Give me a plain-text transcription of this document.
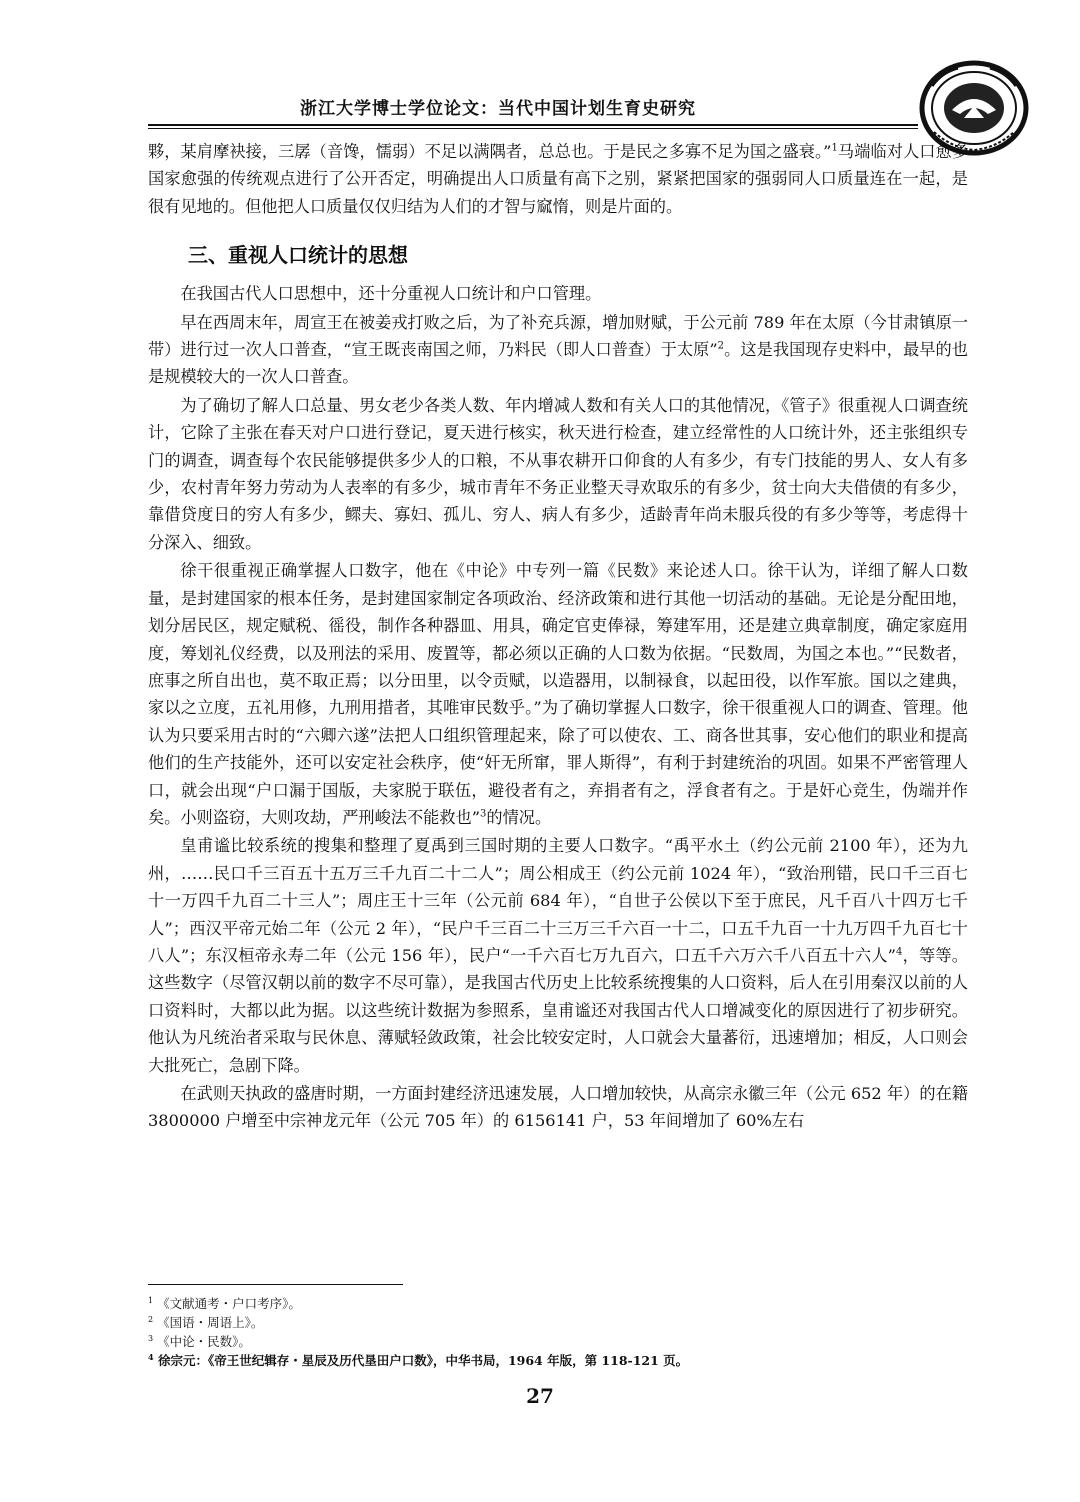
浙江大学博士学位论文：当代中国计划生育史研究

夥，某肩摩袂接，三孱（音馋，懦弱）不足以满隅者，总总也。于是民之多寡不足为国之盛衰。”$^1$马端临对人口愈多国家愈强的传统观点进行了公开否定，明确提出人口质量有高下之别，紧紧把国家的强弱同人口质量连在一起，是很有见地的。但他把人口质量仅仅归结为人们的才智与窳惰，则是片面的。

三、重视人口统计的思想

在我国古代人口思想中，还十分重视人口统计和户口管理。

早在西周末年，周宣王在被姜戎打败之后，为了补充兵源，增加财赋，于公元前 789 年在太原（今甘肃镇原一带）进行过一次人口普查，“宣王既丧南国之师，乃料民（即人口普查）于太原”$^2$。这是我国现存史料中，最早的也是规模较大的一次人口普查。

为了确切了解人口总量、男女老少各类人数、年内增减人数和有关人口的其他情况，《管子》很重视人口调查统计，它除了主张在春天对户口进行登记，夏天进行核实，秋天进行检查，建立经常性的人口统计外，还主张组织专门的调查，调查每个农民能够提供多少人的口粮，不从事农耕开口仰食的人有多少，有专门技能的男人、女人有多少，农村青年努力劳动为人表率的有多少，城市青年不务正业整天寻欢取乐的有多少，贫士向大夫借债的有多少，靠借贷度日的穷人有多少，鳏夫、寡妇、孤儿、穷人、病人有多少，适龄青年尚未服兵役的有多少等等，考虑得十分深入、细致。

徐干很重视正确掌握人口数字，他在《中论》中专列一篇《民数》来论述人口。徐干认为，详细了解人口数量，是封建国家的根本任务，是封建国家制定各项政治、经济政策和进行其他一切活动的基础。无论是分配田地，划分居民区，规定赋税、徭役，制作各种器皿、用具，确定官吏俸禄，筹建军用，还是建立典章制度，确定家庭用度，筹划礼仪经费，以及刑法的采用、废置等，都必须以正确的人口数为依据。“民数周，为国之本也。”“民数者，庶事之所自出也，莫不取正焉；以分田里，以令贡赋，以造器用，以制禄食，以起田役，以作军旅。国以之建典，家以之立度，五礼用修，九刑用措者，其唯审民数乎。”为了确切掌握人口数字，徐干很重视人口的调查、管理。他认为只要采用古时的“六卿六遂”法把人口组织管理起来，除了可以使农、工、商各世其事，安心他们的职业和提高他们的生产技能外，还可以安定社会秩序，使“奸无所窜，罪人斯得”，有利于封建统治的巩固。如果不严密管理人口，就会出现“户口漏于国版，夫家脱于联伍，避役者有之，弃捐者有之，浮食者有之。于是奸心竞生，伪端并作矣。小则盗窃，大则攻劫，严刑峻法不能救也”$^3$的情况。

皇甫谧比较系统的搜集和整理了夏禹到三国时期的主要人口数字。“禹平水土（约公元前 2100 年），还为九州，……民口千三百五十五万三千九百二十二人”；周公相成王（约公元前 1024 年），“致治刑错，民口千三百七十一万四千九百二十三人”；周庄王十三年（公元前 684 年），“自世子公侯以下至于庶民，凡千百八十四万七千人”；西汉平帝元始二年（公元 2 年），“民户千三百二十三万三千六百一十二，口五千九百一十九万四千九百七十八人”；东汉桓帝永寿二年（公元 156 年），民户“一千六百七万九百六，口五千六万六千八百五十六人”$^4$，等等。这些数字（尽管汉朝以前的数字不尽可靠），是我国古代历史上比较系统搜集的人口资料，后人在引用秦汉以前的人口资料时，大都以此为据。以这些统计数据为参照系，皇甫谧还对我国古代人口增减变化的原因进行了初步研究。他认为凡统治者采取与民休息、薄赋轻敛政策，社会比较安定时，人口就会大量蕃衍，迅速增加；相反，人口则会大批死亡，急剧下降。

在武则天执政的盛唐时期，一方面封建经济迅速发展，人口增加较快，从高宗永徽三年（公元 652 年）的在籍 3800000 户增至中宗神龙元年（公元 705 年）的 6156141 户，53 年间增加了 60%左右

$^1$ 《文献通考・户口考序》。
$^2$ 《国语・周语上》。
$^3$ 《中论・民数》。
$^4$ 徐宗元：《帝王世纪辑存・星辰及历代垦田户口数》，中华书局，1964 年版，第 118-121 页。
27
